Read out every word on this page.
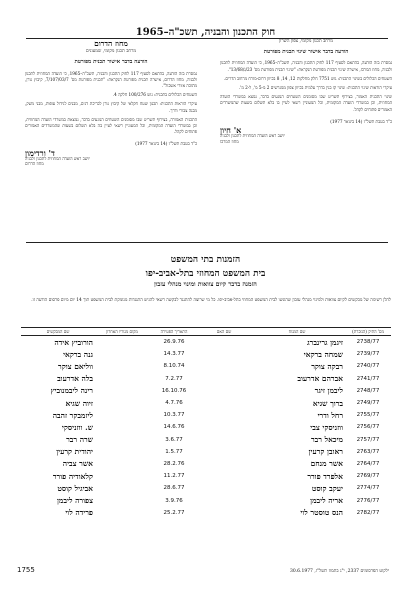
חוק התכנון והבניה, תשכ"ה–1965
מרחב תכנון מקומי, צפון השרון
הודעה בדבר אישור שינוי תכנית מפורטת

נמסרת בזה הודעה, בהתאם לסעיף 117 לחוק התכנון והבניה, תשכ"ה–1965, כי הועדה המחוזית לתכנון ולבניה, מחוז המרכז, אישרה שינוי תכנית מפורטת הנקראת: "שינוי תכנית מפורטת מס' 23/נ/13/68".

השטחים הכלולים בשינוי התכנית: גוש 7751 חלק מחלקות 12, 14, 8 בכיוון דרום-מזרח מרחוב הדרים.

עיקרי הוראות שינוי התכנית: שינוי קו בנין בדרך עלמית בכיוון צפון ממגרשים 2 מ-5 מ', ל-2 מ'.

שינוי התכנית האמור, בצירוף תשריט שבו מסומנים השטחים הנוגעים בדבר, נמצא במשרדי הועדה המחוזית, וכן במשרדי הועדה המקומית, וכל המעוניין רשאי לעיין בו בלא תשלום בשעות שהמשרדים האמורים פתוחים לקהל.

כ"ד בטבת תשל"ז (14 בינואר 1977)
א' חיון
יושב ראש הועדה המחוזית לתכנון ולבניה
מחוז המרכז
מחוז הדרום
מרחב תכנון מקומי, שמעונים
הודעה בדבר אישור תכנית מפורטת

נמסרת בזה הודעה, בהתאם לסעיף 117 לחוק התכנון והבניה, תשכ"ה–1965, כי הועדה המחוזית לתכנון ולבניה, מחוז הדרום, אישרה תכנית מפורטת הנקראת: "תכנית מפורטת מס' 7/107/03/7, קיבוץ גורן, מתוכה אזורי אשכול".

השטחים הכלולים בתכנית: גוש 100/276 חלקה 4.

עיקרי הוראות התכנית: תכנון שטח חקלאי של קיבוץ גורן לבריכת דגים, מבנים לגידול עופות, מבני משק, מבנה צבורי ודרך.

התכנית האמורה, בצירוף תשריט שבו מסומנים השטחים הנוגעים בדבר, נמצאת במשרדי הועדה המחוזית, וכן במשרדי הועדה המקומית, וכל המעוניין רשאי לעיין בה בלא תשלום בשעות שהמשרדים האמורים פתוחים לקהל.

כ"ד בטבת תשל"ז (14 בינואר 1977)
ד' ורדימון
יושב ראש הועדה המחוזית לתכנון ולבניה
מחוז הדרום
הזמנות בתי המשפט
בית המשפט המחוזי בתל-אביב-יפו
הזמנה בדבר קיום צוואות ומינוי מנהלי עזבון
להלן רשימה של מבקשים לקיום צוואות ולמינוי מנהלי עזבון שהוגשו לבית המשפט המחוזי בתל-אביב-יפו. כל מי שרוצה להתנגד לבקשה רשאי להגיש התנגדות מנומקת לבית המשפט תוך 14 יום מיום פרסום הודעה זו.
מס' התיק (הנזכרת)	שם המנוח	שם האם	התאריך הפטירה	מקום מגוריו האחרון	שם המבקשים
2738/77	זיגמן גרינברג		26.9.76		הורוביץ אידה
2739/77	שמחה ברקאי		14.3.77		גנה ברקאי
2740/77	רבקה צוקר		8.10.74		ווליאם צוקר
2741/77	אברהם אדרעוב		7.2.77		בלה אדרעוב
2748/77	ליבמן זיגר		16.10.76		רינה ליבמנוביץ
2749/77	ברוך שגיא		4.7.76		זיוה שגיא
2755/77	רחל ודרי		10.3.77		ליזמבקר זהבה
2756/77	ווזניסקי צבי		14.6.76		ש. ווזניסקי
2757/77	מיכאל רבר		3.6.77		שרה רבר
2763/77	ראובן קרעין		1.5.77		יהודית קרעין
2764/77	אשר מנחם		28.2.76		אשר צביה
2769/77	אלפרד פורר		11.2.77		קלאודיה פורר
2774/77	יעקב קוסט		28.6.77		אביגיל קוסט
2776/77	אריה ליבמן		3.9.76		צפורה ליבמן
2782/77	הנס טוסטר לוי		25.2.77		פרידה לוי
1755	ילקוט הפרסומים 2337, י"ג בתמוז תשל"ז, 30.6.1977
